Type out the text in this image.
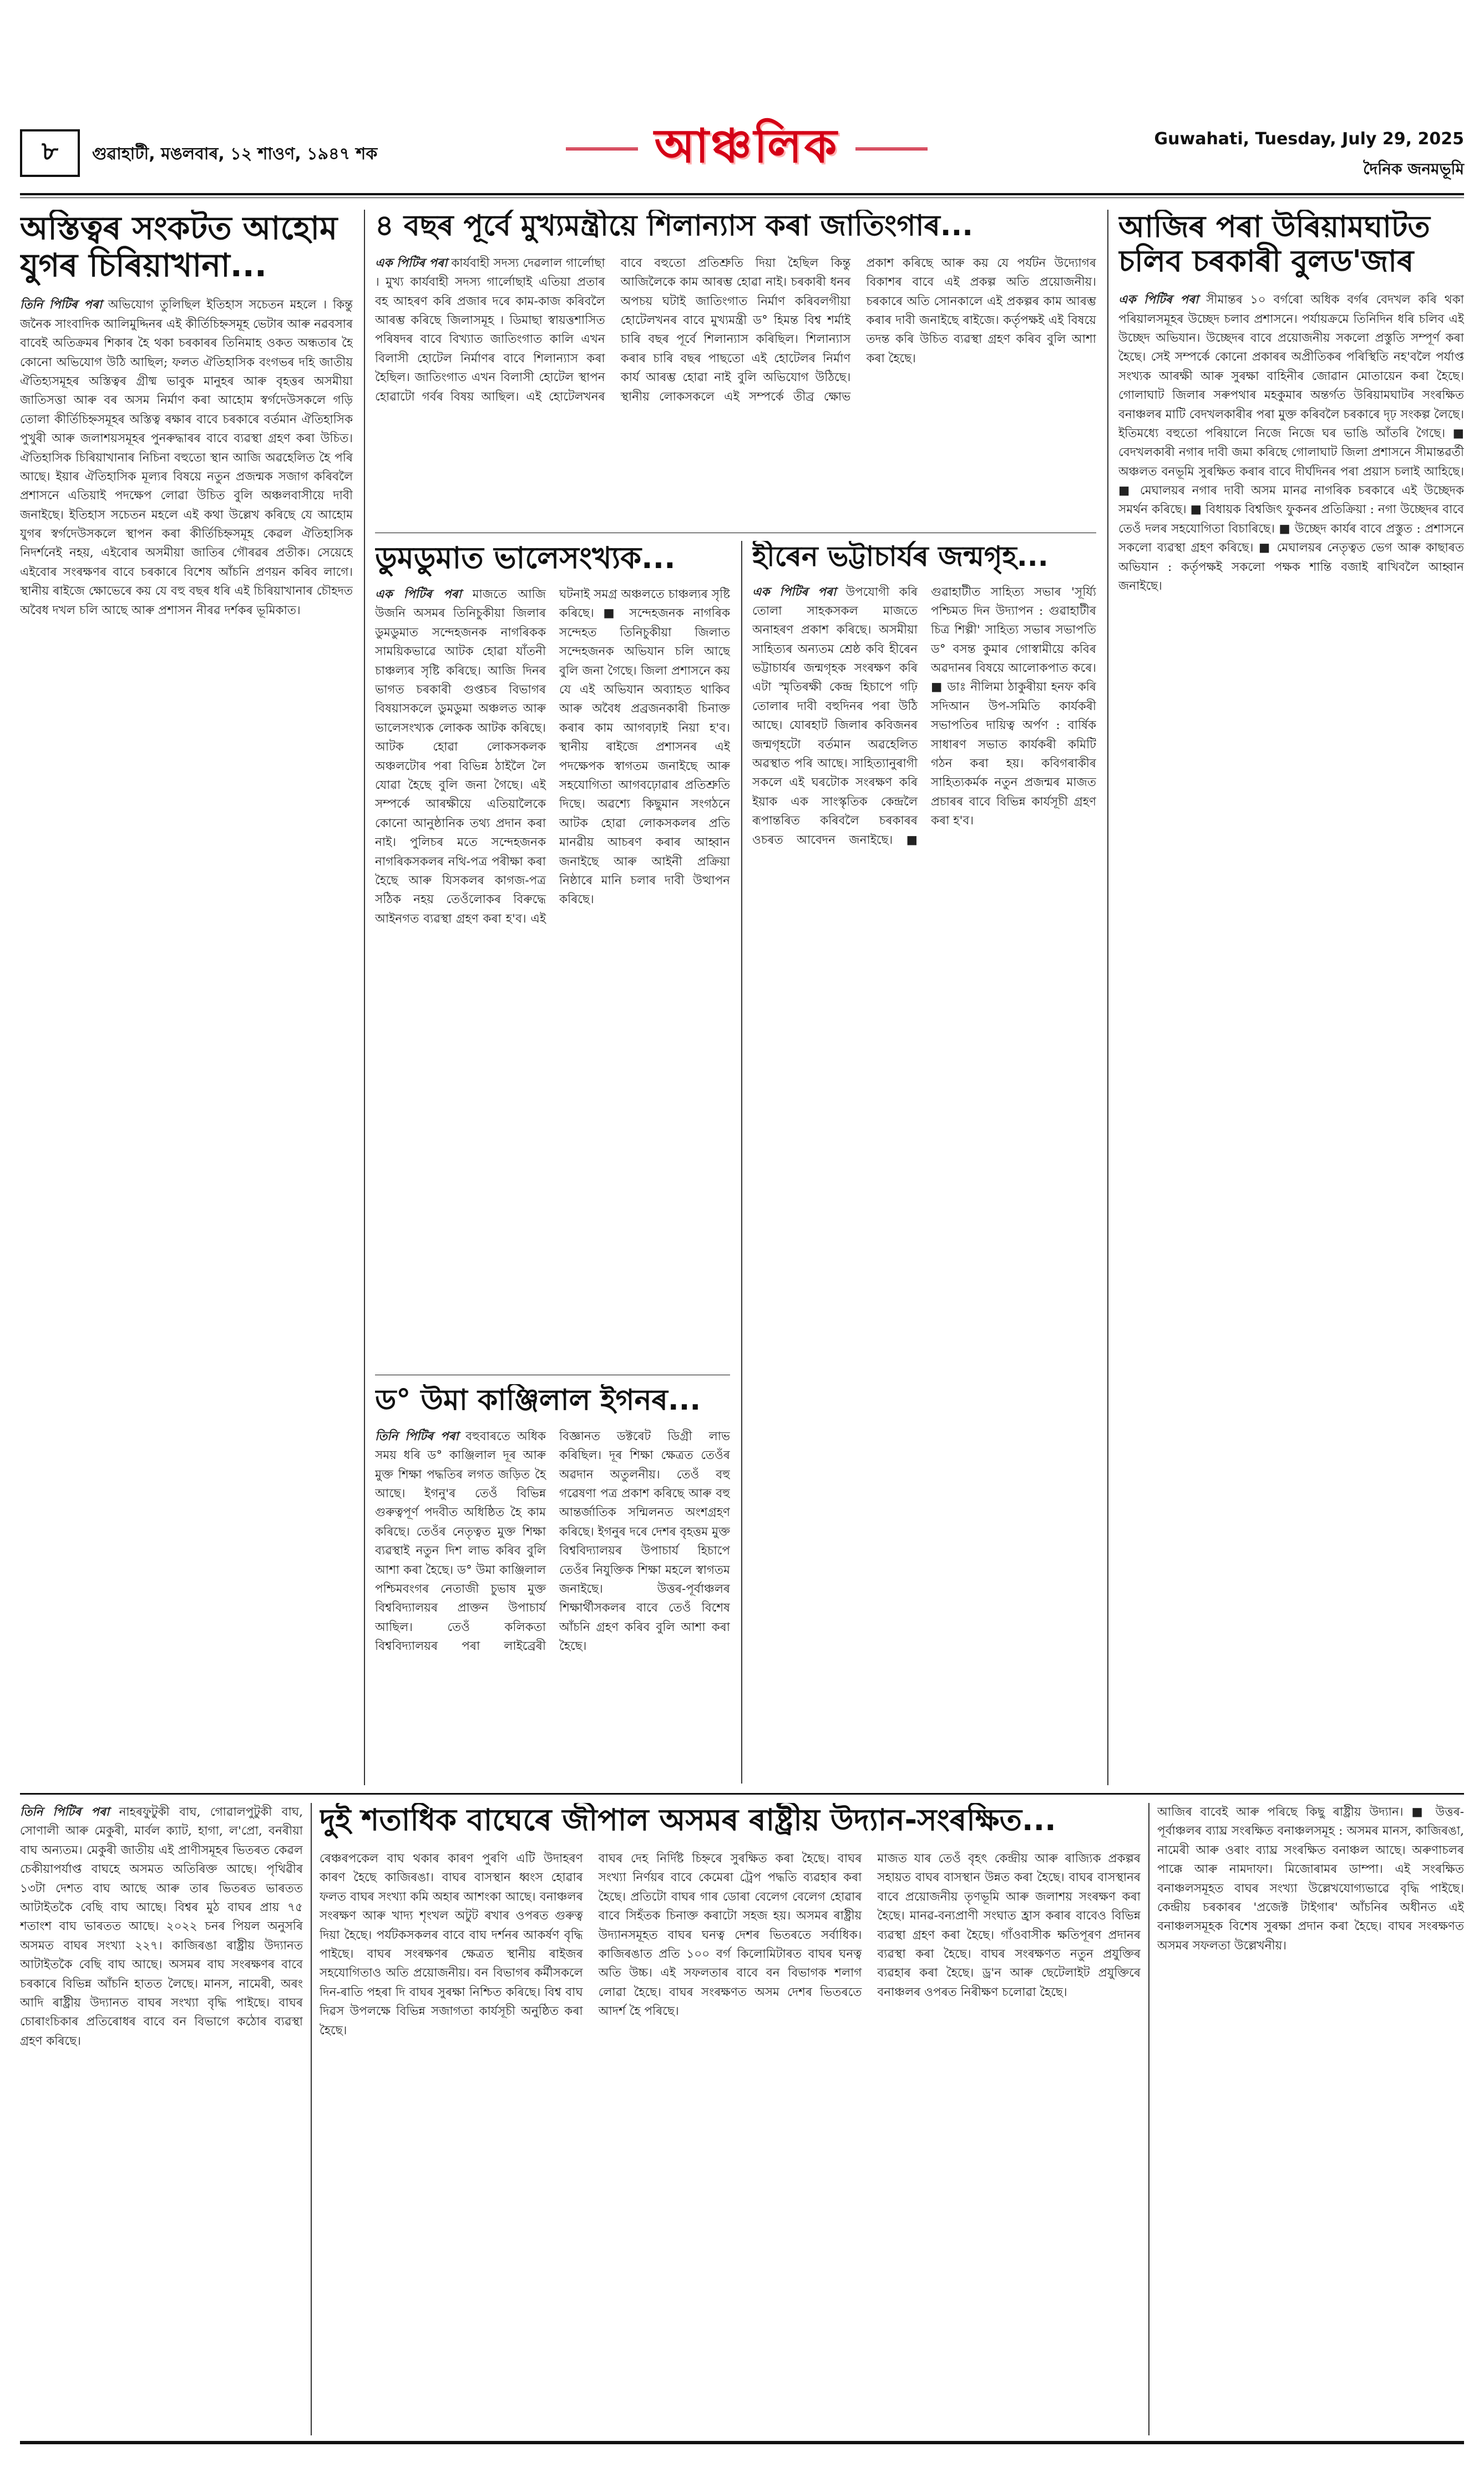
৮	গুৱাহাটী, মঙলবাৰ, ১২ শাওণ, ১৯৪৭ শক	আঞ্চলিক	Guwahati, Tuesday, July 29, 2025
দৈনিক জনমভূমি
অস্তিত্বৰ সংকটত আহোম
যুগৰ চিৰিয়াখানা...

তিনি পিটিৰ পৰা অভিযোগ তুলিছিল ইতিহাস সচেতন মহলে । কিন্তু জনৈক সাংবাদিক আলিমুদ্দিনৰ এই কীৰ্তিচিহ্নসমূহ ভেটাৰ আৰু নৱবসাৰ বাবেই অতিক্ৰমৰ শিকাৰ হৈ থকা চৰকাৰৰ তিনিমাহ ওকত অন্ধতাৰ হৈ কোনো অভিযোগ উঠি আছিল; ফলত ঐতিহাসিক বংগভৰ দহি জাতীয় ঐতিহ্যসমূহৰ অস্তিত্বৰ গ্ৰীষ্ম ভাবুক মানুহৰ আৰু বৃহত্তৰ অসমীয়া জাতিসত্তা আৰু বৰ অসম নিৰ্মাণ কৰা আহোম স্বৰ্গদেউসকলে গড়ি তোলা কীৰ্তিচিহ্নসমূহৰ অস্তিত্ব ৰক্ষাৰ বাবে চৰকাৰে বৰ্তমান ঐতিহাসিক পুখুৰী আৰু জলাশয়সমূহৰ পুনৰুদ্ধাৰৰ বাবে ব্যৱস্থা গ্ৰহণ কৰা উচিত। ঐতিহাসিক চিৰিয়াখানাৰ নিচিনা বহুতো স্থান আজি অৱহেলিত হৈ পৰি আছে। ইয়াৰ ঐতিহাসিক মূল্যৰ বিষয়ে নতুন প্ৰজন্মক সজাগ কৰিবলৈ প্ৰশাসনে এতিয়াই পদক্ষেপ লোৱা উচিত বুলি অঞ্চলবাসীয়ে দাবী জনাইছে। ইতিহাস সচেতন মহলে এই কথা উল্লেখ কৰিছে যে আহোম যুগৰ স্বৰ্গদেউসকলে স্থাপন কৰা কীৰ্তিচিহ্নসমূহ কেৱল ঐতিহাসিক নিদৰ্শনেই নহয়, এইবোৰ অসমীয়া জাতিৰ গৌৰৱৰ প্ৰতীক। সেয়েহে এইবোৰ সংৰক্ষণৰ বাবে চৰকাৰে বিশেষ আঁচনি প্ৰণয়ন কৰিব লাগে। স্থানীয় ৰাইজে ক্ষোভেৰে কয় যে বহু বছৰ ধৰি এই চিৰিয়াখানাৰ চৌহদত অবৈধ দখল চলি আছে আৰু প্ৰশাসন নীৰৱ দৰ্শকৰ ভূমিকাত।

৪ বছৰ পূৰ্বে মুখ্যমন্ত্ৰীয়ে শিলান্যাস কৰা জাতিংগাৰ...

এক পিটিৰ পৰা কাৰ্যবাহী সদস্য দেৱলাল গাৰ্লোছা । মুখ্য কাৰ্যবাহী সদস্য গাৰ্লোছাই এতিয়া প্ৰতাৰ বহ আহৰণ কৰি প্ৰজাৰ দৰে কাম-কাজ কৰিবলৈ আৰম্ভ কৰিছে জিলাসমূহ । ডিমাছা স্বায়ত্তশাসিত পৰিষদৰ বাবে বিখ্যাত জাতিংগাত কালি এখন বিলাসী হোটেল নিৰ্মাণৰ বাবে শিলান্যাস কৰা হৈছিল। জাতিংগাত এখন বিলাসী হোটেল স্থাপন হোৱাটো গৰ্বৰ বিষয় আছিল। এই হোটেলখনৰ বাবে বহুতো প্ৰতিশ্ৰুতি দিয়া হৈছিল কিন্তু আজিলৈকে কাম আৰম্ভ হোৱা নাই। চৰকাৰী ধনৰ অপচয় ঘটাই জাতিংগাত নিৰ্মাণ কৰিবলগীয়া হোটেলখনৰ বাবে মুখ্যমন্ত্ৰী ড° হিমন্ত বিশ্ব শৰ্মাই চাৰি বছৰ পূৰ্বে শিলান্যাস কৰিছিল। শিলান্যাস কৰাৰ চাৰি বছৰ পাছতো এই হোটেলৰ নিৰ্মাণ কাৰ্য আৰম্ভ হোৱা নাই বুলি অভিযোগ উঠিছে। স্থানীয় লোকসকলে এই সম্পৰ্কে তীব্ৰ ক্ষোভ প্ৰকাশ কৰিছে আৰু কয় যে পৰ্যটন উদ্যোগৰ বিকাশৰ বাবে এই প্ৰকল্প অতি প্ৰয়োজনীয়। চৰকাৰে অতি সোনকালে এই প্ৰকল্পৰ কাম আৰম্ভ কৰাৰ দাবী জনাইছে ৰাইজে। কৰ্তৃপক্ষই এই বিষয়ে তদন্ত কৰি উচিত ব্যৱস্থা গ্ৰহণ কৰিব বুলি আশা কৰা হৈছে।

ডুমডুমাত ভালেসংখ্যক...

এক পিটিৰ পৰা মাজতে আজি উজনি অসমৰ তিনিচুকীয়া জিলাৰ ডুমডুমাত সন্দেহজনক নাগৰিকক সাময়িকভাৱে আটক হোৱা যাঁতনী চাঞ্চল্যৰ সৃষ্টি কৰিছে। আজি দিনৰ ভাগত চৰকাৰী গুপ্তচৰ বিভাগৰ বিষয়াসকলে ডুমডুমা অঞ্চলত আৰু ভালেসংখ্যক লোকক আটক কৰিছে। আটক হোৱা লোকসকলক অঞ্চলটোৰ পৰা বিভিন্ন ঠাইলৈ লৈ যোৱা হৈছে বুলি জনা গৈছে। এই সম্পৰ্কে আৰক্ষীয়ে এতিয়ালৈকে কোনো আনুষ্ঠানিক তথ্য প্ৰদান কৰা নাই। পুলিচৰ মতে সন্দেহজনক নাগৰিকসকলৰ নথি-পত্ৰ পৰীক্ষা কৰা হৈছে আৰু যিসকলৰ কাগজ-পত্ৰ সঠিক নহয় তেওঁলোকৰ বিৰুদ্ধে আইনগত ব্যৱস্থা গ্ৰহণ কৰা হ'ব। এই ঘটনাই সমগ্ৰ অঞ্চলতে চাঞ্চল্যৰ সৃষ্টি কৰিছে। ■ সন্দেহজনক নাগৰিক সন্দেহত তিনিচুকীয়া জিলাত সন্দেহজনক অভিযান চলি আছে বুলি জনা গৈছে। জিলা প্ৰশাসনে কয় যে এই অভিযান অব্যাহত থাকিব আৰু অবৈধ প্ৰব্ৰজনকাৰী চিনাক্ত কৰাৰ কাম আগবঢ়াই নিয়া হ'ব। স্থানীয় ৰাইজে প্ৰশাসনৰ এই পদক্ষেপক স্বাগতম জনাইছে আৰু সহযোগিতা আগবঢ়োৱাৰ প্ৰতিশ্ৰুতি দিছে। অৱশ্যে কিছুমান সংগঠনে আটক হোৱা লোকসকলৰ প্ৰতি মানৱীয় আচৰণ কৰাৰ আহ্বান জনাইছে আৰু আইনী প্ৰক্ৰিয়া নিষ্ঠাৰে মানি চলাৰ দাবী উত্থাপন কৰিছে।

ড° উমা কাঞ্জিলাল ইগনৰ...

তিনি পিটিৰ পৰা বহুবাৰতে অধিক সময় ধৰি ড° কাঞ্জিলাল দূৰ আৰু মুক্ত শিক্ষা পদ্ধতিৰ লগত জড়িত হৈ আছে। ইগনু'ৰ তেওঁ বিভিন্ন গুৰুত্বপূৰ্ণ পদবীত অধিষ্ঠিত হৈ কাম কৰিছে। তেওঁৰ নেতৃত্বত মুক্ত শিক্ষা ব্যৱস্থাই নতুন দিশ লাভ কৰিব বুলি আশা কৰা হৈছে। ড° উমা কাঞ্জিলাল পশ্চিমবংগৰ নেতাজী চুভাষ মুক্ত বিশ্ববিদ্যালয়ৰ প্ৰাক্তন উপাচাৰ্য আছিল। তেওঁ কলিকতা বিশ্ববিদ্যালয়ৰ পৰা লাইব্ৰেৰী বিজ্ঞানত ডক্টৰেট ডিগ্ৰী লাভ কৰিছিল। দূৰ শিক্ষা ক্ষেত্ৰত তেওঁৰ অৱদান অতুলনীয়। তেওঁ বহু গৱেষণা পত্ৰ প্ৰকাশ কৰিছে আৰু বহু আন্তৰ্জাতিক সন্মিলনত অংশগ্ৰহণ কৰিছে। ইগনুৰ দৰে দেশৰ বৃহত্তম মুক্ত বিশ্ববিদ্যালয়ৰ উপাচাৰ্য হিচাপে তেওঁৰ নিযুক্তিক শিক্ষা মহলে স্বাগতম জনাইছে। উত্তৰ-পূৰ্বাঞ্চলৰ শিক্ষাৰ্থীসকলৰ বাবে তেওঁ বিশেষ আঁচনি গ্ৰহণ কৰিব বুলি আশা কৰা হৈছে।

হীৰেন ভট্টাচাৰ্যৰ জন্মগৃহ...

এক পিটিৰ পৰা উপযোগী কৰি তোলা সাহকসকল মাজতে অনাহৰণ প্ৰকাশ কৰিছে। অসমীয়া সাহিত্যৰ অন্যতম শ্ৰেষ্ঠ কবি হীৰেন ভট্টাচাৰ্যৰ জন্মগৃহক সংৰক্ষণ কৰি এটা স্মৃতিৰক্ষী কেন্দ্ৰ হিচাপে গঢ়ি তোলাৰ দাবী বহুদিনৰ পৰা উঠি আছে। যোৰহাট জিলাৰ কবিজনৰ জন্মগৃহটো বৰ্তমান অৱহেলিত অৱস্থাত পৰি আছে। সাহিত্যানুৰাগী সকলে এই ঘৰটোক সংৰক্ষণ কৰি ইয়াক এক সাংস্কৃতিক কেন্দ্ৰলৈ ৰূপান্তৰিত কৰিবলৈ চৰকাৰৰ ওচৰত আবেদন জনাইছে। ■ গুৱাহাটীত সাহিত্য সভাৰ 'সূৰ্য্যি পশ্চিমত দিন উদ্যাপন : গুৱাহাটীৰ চিত্ৰ শিল্পী' সাহিত্য সভাৰ সভাপতি ড° বসন্ত কুমাৰ গোস্বামীয়ে কবিৰ অৱদানৰ বিষয়ে আলোকপাত কৰে। ■ ডাঃ নীলিমা ঠাকুৰীয়া হনফ কৰি সদিআন উপ-সমিতি কাৰ্যকৰী সভাপতিৰ দায়িত্ব অৰ্পণ : বাৰ্ষিক সাধাৰণ সভাত কাৰ্যকৰী কমিটি গঠন কৰা হয়। কবিগৰাকীৰ সাহিত্যকৰ্মক নতুন প্ৰজন্মৰ মাজত প্ৰচাৰৰ বাবে বিভিন্ন কাৰ্যসূচী গ্ৰহণ কৰা হ'ব।

আজিৰ পৰা উৰিয়ামঘাটত
চলিব চৰকাৰী বুলড'জাৰ

এক পিটিৰ পৰা সীমান্তৰ ১০ বৰ্গৰো অধিক বৰ্গৰ বেদখল কৰি থকা পৰিয়ালসমূহৰ উচ্ছেদ চলাব প্ৰশাসনে। পৰ্যায়ক্ৰমে তিনিদিন ধৰি চলিব এই উচ্ছেদ অভিযান। উচ্ছেদৰ বাবে প্ৰয়োজনীয় সকলো প্ৰস্তুতি সম্পূৰ্ণ কৰা হৈছে। সেই সম্পৰ্কে কোনো প্ৰকাৰৰ অপ্ৰীতিকৰ পৰিস্থিতি নহ'বলৈ পৰ্যাপ্ত সংখ্যক আৰক্ষী আৰু সুৰক্ষা বাহিনীৰ জোৱান মোতায়েন কৰা হৈছে। গোলাঘাট জিলাৰ সৰুপথাৰ মহকুমাৰ অন্তৰ্গত উৰিয়ামঘাটৰ সংৰক্ষিত বনাঞ্চলৰ মাটি বেদখলকাৰীৰ পৰা মুক্ত কৰিবলৈ চৰকাৰে দৃঢ় সংকল্প লৈছে। ইতিমধ্যে বহুতো পৰিয়ালে নিজে নিজে ঘৰ ভাঙি আঁতৰি গৈছে। ■ বেদখলকাৰী নগাৰ দাবী জমা কৰিছে গোলাঘাট জিলা প্ৰশাসনে সীমান্তৱৰ্তী অঞ্চলত বনভূমি সুৰক্ষিত কৰাৰ বাবে দীৰ্ঘদিনৰ পৰা প্ৰয়াস চলাই আহিছে। ■ মেঘালয়ৰ নগাৰ দাবী অসম মানৱ নাগৰিক চৰকাৰে এই উচ্ছেদক সমৰ্থন কৰিছে। ■ বিধায়ক বিশ্বজিৎ ফুকনৰ প্ৰতিক্ৰিয়া : নগা উচ্ছেদৰ বাবে তেওঁ দলৰ সহযোগিতা বিচাৰিছে। ■ উচ্ছেদ কাৰ্যৰ বাবে প্ৰস্তুত : প্ৰশাসনে সকলো ব্যৱস্থা গ্ৰহণ কৰিছে। ■ মেঘালয়ৰ নেতৃত্বত ভেগ আৰু কাছাৰত অভিযান : কৰ্তৃপক্ষই সকলো পক্ষক শান্তি বজাই ৰাখিবলৈ আহ্বান জনাইছে।

তিনি পিটিৰ পৰা নাহৰফুটুকী বাঘ, গোৱালপুটুকী বাঘ, সোণালী আৰু মেকুৰী, মাৰ্বল ক্যাট, হাগা, ল'প্ৰো, বনৰীয়া বাঘ অন্যতম। মেকুৰী জাতীয় এই প্ৰাণীসমূহৰ ভিতৰত কেৱল চেকীয়াপৰ্যাপ্ত বাঘহে অসমত অতিৰিক্ত আছে। পৃথিৱীৰ ১৩টা দেশত বাঘ আছে আৰু তাৰ ভিতৰত ভাৰতত আটাইতকৈ বেছি বাঘ আছে। বিশ্বৰ মুঠ বাঘৰ প্ৰায় ৭৫ শতাংশ বাঘ ভাৰতত আছে। ২০২২ চনৰ পিয়ল অনুসৰি অসমত বাঘৰ সংখ্যা ২২৭। কাজিৰঙা ৰাষ্ট্ৰীয় উদ্যানত আটাইতকৈ বেছি বাঘ আছে। অসমৰ বাঘ সংৰক্ষণৰ বাবে চৰকাৰে বিভিন্ন আঁচনি হাতত লৈছে। মানস, নামেৰী, অৰং আদি ৰাষ্ট্ৰীয় উদ্যানত বাঘৰ সংখ্যা বৃদ্ধি পাইছে। বাঘৰ চোৰাংচিকাৰ প্ৰতিৰোধৰ বাবে বন বিভাগে কঠোৰ ব্যৱস্থা গ্ৰহণ কৰিছে।

দুই শতাধিক বাঘেৰে জীপাল অসমৰ ৰাষ্ট্ৰীয় উদ্যান-সংৰক্ষিত...

ৰেঞ্চৰপকেল বাঘ থকাৰ কাৰণ পুৰণি এটি উদাহৰণ কাৰণ হৈছে কাজিৰঙা। বাঘৰ বাসস্থান ধ্বংস হোৱাৰ ফলত বাঘৰ সংখ্যা কমি অহাৰ আশংকা আছে। বনাঞ্চলৰ সংৰক্ষণ আৰু খাদ্য শৃংখল অটুট ৰখাৰ ওপৰত গুৰুত্ব দিয়া হৈছে। পৰ্যটকসকলৰ বাবে বাঘ দৰ্শনৰ আকৰ্ষণ বৃদ্ধি পাইছে। বাঘৰ সংৰক্ষণৰ ক্ষেত্ৰত স্থানীয় ৰাইজৰ সহযোগিতাও অতি প্ৰয়োজনীয়। বন বিভাগৰ কৰ্মীসকলে দিন-ৰাতি পহৰা দি বাঘৰ সুৰক্ষা নিশ্চিত কৰিছে। বিশ্ব বাঘ দিৱস উপলক্ষে বিভিন্ন সজাগতা কাৰ্যসূচী অনুষ্ঠিত কৰা হৈছে।

বাঘৰ দেহ নিৰ্দিষ্ট চিহ্নৰে সুৰক্ষিত কৰা হৈছে। বাঘৰ সংখ্যা নিৰ্ণয়ৰ বাবে কেমেৰা ট্ৰেপ পদ্ধতি ব্যৱহাৰ কৰা হৈছে। প্ৰতিটো বাঘৰ গাৰ ডোৰা বেলেগ বেলেগ হোৱাৰ বাবে সিহঁতক চিনাক্ত কৰাটো সহজ হয়। অসমৰ ৰাষ্ট্ৰীয় উদ্যানসমূহত বাঘৰ ঘনত্ব দেশৰ ভিতৰতে সৰ্বাধিক। কাজিৰঙাত প্ৰতি ১০০ বৰ্গ কিলোমিটাৰত বাঘৰ ঘনত্ব অতি উচ্চ। এই সফলতাৰ বাবে বন বিভাগক শলাগ লোৱা হৈছে। বাঘৰ সংৰক্ষণত অসম দেশৰ ভিতৰতে আদৰ্শ হৈ পৰিছে।

মাজত যাৰ তেওঁ বৃহৎ কেন্দ্ৰীয় আৰু ৰাজ্যিক প্ৰকল্পৰ সহায়ত বাঘৰ বাসস্থান উন্নত কৰা হৈছে। বাঘৰ বাসস্থানৰ বাবে প্ৰয়োজনীয় তৃণভূমি আৰু জলাশয় সংৰক্ষণ কৰা হৈছে। মানৱ-বন্যপ্ৰাণী সংঘাত হ্ৰাস কৰাৰ বাবেও বিভিন্ন ব্যৱস্থা গ্ৰহণ কৰা হৈছে। গাঁওবাসীক ক্ষতিপূৰণ প্ৰদানৰ ব্যৱস্থা কৰা হৈছে। বাঘৰ সংৰক্ষণত নতুন প্ৰযুক্তিৰ ব্যৱহাৰ কৰা হৈছে। ড্ৰ'ন আৰু ছেটেলাইট প্ৰযুক্তিৰে বনাঞ্চলৰ ওপৰত নিৰীক্ষণ চলোৱা হৈছে।

আজিৰ বাবেই আৰু পৰিছে কিছু ৰাষ্ট্ৰীয় উদ্যান। ■ উত্তৰ-পূৰ্বাঞ্চলৰ ব্যাঘ্ৰ সংৰক্ষিত বনাঞ্চলসমূহ : অসমৰ মানস, কাজিৰঙা, নামেৰী আৰু ওৰাং ব্যাঘ্ৰ সংৰক্ষিত বনাঞ্চল আছে। অৰুণাচলৰ পাক্কে আৰু নামদাফা। মিজোৰামৰ ডাম্পা। এই সংৰক্ষিত বনাঞ্চলসমূহত বাঘৰ সংখ্যা উল্লেখযোগ্যভাৱে বৃদ্ধি পাইছে। কেন্দ্ৰীয় চৰকাৰৰ 'প্ৰজেক্ট টাইগাৰ' আঁচনিৰ অধীনত এই বনাঞ্চলসমূহক বিশেষ সুৰক্ষা প্ৰদান কৰা হৈছে। বাঘৰ সংৰক্ষণত অসমৰ সফলতা উল্লেখনীয়।
